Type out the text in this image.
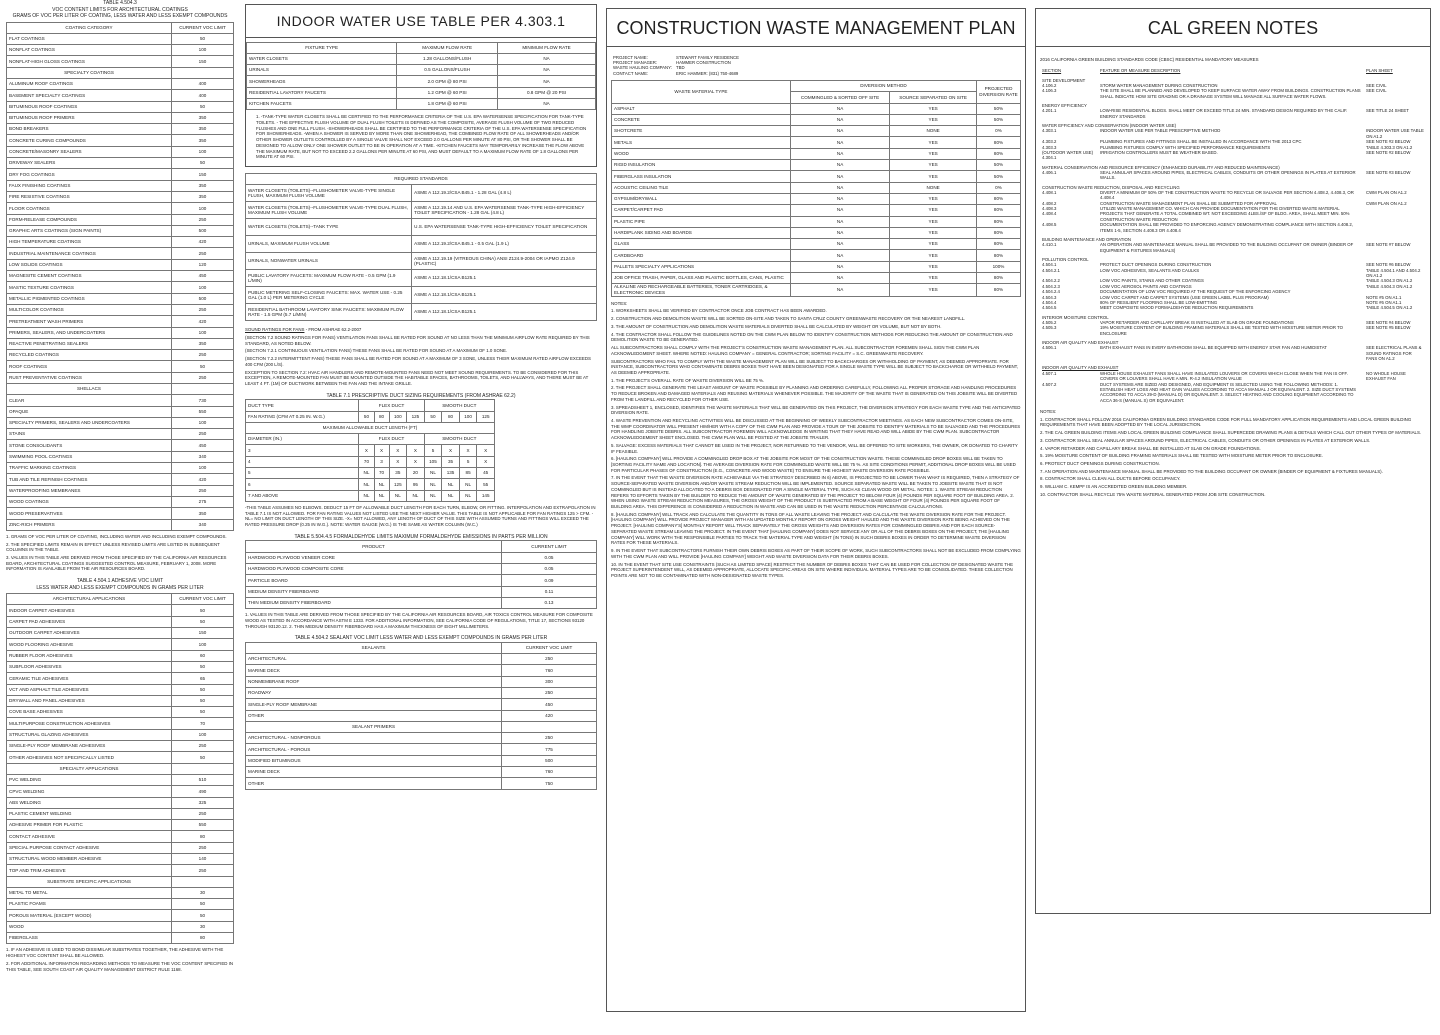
TABLE 4.504.3
VOC CONTENT LIMITS FOR ARCHITECTURAL COATINGS
GRAMS OF VOC PER LITER OF COATING, LESS WATER AND LESS EXEMPT COMPOUNDS
COATING CATEGORY	CURRENT VOC LIMIT
FLAT COATINGS	50
NONFLAT COATINGS	100
NONFLAT-HIGH GLOSS COATINGS	150
SPECIALTY COATINGS	
ALUMINUM ROOF COATINGS	400
BASEMENT SPECIALTY COATINGS	400
BITUMINOUS ROOF COATINGS	50
BITUMINOUS ROOF PRIMERS	350
BOND BREAKERS	350
CONCRETE CURING COMPOUNDS	350
CONCRETE/MASONRY SEALERS	100
DRIVEWAY SEALERS	50
DRY FOG COATINGS	150
FAUX FINISHING COATINGS	350
FIRE RESISTIVE COATINGS	350
FLOOR COATINGS	100
FORM-RELEASE COMPOUNDS	250
GRAPHIC ARTS COATINGS (SIGN PAINTS)	500
HIGH TEMPERATURE COATINGS	420
INDUSTRIAL MAINTENANCE COATINGS	250
LOW SOLIDS COATINGS	120
MAGNESITE CEMENT COATINGS	450
MASTIC TEXTURE COATINGS	100
METALLIC PIGMENTED COATINGS	500
MULTICOLOR COATINGS	250
PRETREATMENT WASH PRIMERS	420
PRIMERS, SEALERS, AND UNDERCOATERS	100
REACTIVE PENETRATING SEALERS	350
RECYCLED COATINGS	250
ROOF COATINGS	50
RUST PREVENTATIVE COATINGS	250
SHELLACS	
CLEAR	730
OPAQUE	550
SPECIALTY PRIMERS, SEALERS AND UNDERCOATERS	100
STAINS	250
STONE CONSOLIDANTS	450
SWIMMING POOL COATINGS	340
TRAFFIC MARKING COATINGS	100
TUB AND TILE REFINISH COATINGS	420
WATERPROOFING MEMBRANES	250
WOOD COATINGS	275
WOOD PRESERVATIVES	350
ZINC-RICH PRIMERS	340
1. GRAMS OF VOC PER LITER OF COATING, INCLUDING WATER AND INCLUDING EXEMPT COMPOUNDS.
2. THE SPECIFIED LIMITS REMAIN IN EFFECT UNLESS REVISED LIMITS ARE LISTED IN SUBSEQUENT COLUMNS IN THE TABLE.
3. VALUES IN THIS TABLE ARE DERIVED FROM THOSE SPECIFIED BY THE CALIFORNIA AIR RESOURCES BOARD, ARCHITECTURAL COATINGS SUGGESTED CONTROL MEASURE, FEBRUARY 1, 2008. MORE INFORMATION IS AVAILABLE FROM THE AIR RESOURCES BOARD.
TABLE 4.504.1 ADHESIVE VOC LIMIT
LESS WATER AND LESS EXEMPT COMPOUNDS IN GRAMS PER LITER
ARCHITECTURAL APPLICATIONS	CURRENT VOC LIMIT
INDOOR CARPET ADHESIVES	50
CARPET PAD ADHESIVES	50
OUTDOOR CARPET ADHESIVES	150
WOOD FLOORING ADHESIVE	100
RUBBER FLOOR ADHESIVES	60
SUBFLOOR ADHESIVES	50
CERAMIC TILE ADHESIVES	65
VCT AND ASPHALT TILE ADHESIVES	50
DRYWALL AND PANEL ADHESIVES	50
COVE BASE ADHESIVES	50
MULTIPURPOSE CONSTRUCTION ADHESIVES	70
STRUCTURAL GLAZING ADHESIVES	100
SINGLE-PLY ROOF MEMBRANE ADHESIVES	250
OTHER ADHESIVES NOT SPECIFICALLY LISTED	50
SPECIALTY APPLICATIONS	
PVC WELDING	510
CPVC WELDING	490
ABS WELDING	325
PLASTIC CEMENT WELDING	250
ADHESIVE PRIMER FOR PLASTIC	550
CONTACT ADHESIVE	80
SPECIAL PURPOSE CONTACT ADHESIVE	250
STRUCTURAL WOOD MEMBER ADHESIVE	140
TOP AND TRIM ADHESIVE	250
SUBSTRATE SPECIFIC APPLICATIONS	
METAL TO METAL	30
PLASTIC FOAMS	50
POROUS MATERIAL (EXCEPT WOOD)	50
WOOD	30
FIBERGLASS	80
1. IF AN ADHESIVE IS USED TO BOND DISSIMILAR SUBSTRATES TOGETHER, THE ADHESIVE WITH THE HIGHEST VOC CONTENT SHALL BE ALLOWED.
2. FOR ADDITIONAL INFORMATION REGARDING METHODS TO MEASURE THE VOC CONTENT SPECIFIED IN THIS TABLE, SEE SOUTH COAST AIR QUALITY MANAGEMENT DISTRICT RULE 1168.
INDOOR WATER USE TABLE PER 4.303.1
FIXTURE TYPE	MAXIMUM FLOW RATE	MINIMUM FLOW RATE
WATER CLOSETS	1.28 GALLONS/FLUSH	NA
URINALS	0.5 GALLONS/FLUSH	NA
SHOWERHEADS	2.0 GPM @ 80 PSI	NA
RESIDENTIAL LAVATORY FAUCETS	1.2 GPM @ 60 PSI	0.8 GPM @ 20 PSI
KITCHEN FAUCETS	1.8 GPM @ 60 PSI	NA
1. -TANK-TYPE WATER CLOSETS SHALL BE CERTIFIED TO THE PERFORMANCE CRITERIA OF THE U.S. EPA WATERSENSE SPECIFICATION FOR TANK-TYPE TOILETS. - THE EFFECTIVE FLUSH VOLUME OF DUAL FLUSH TOILETS IS DEFINED AS THE COMPOSITE, AVERAGE FLUSH VOLUME OF TWO REDUCED FLUSHES AND ONE FULL FLUSH. -SHOWERHEADS SHALL BE CERTIFIED TO THE PERFORMANCE CRITERIA OF THE U.S. EPA WATERSENSE SPECIFICATION FOR SHOWERHEADS. -WHEN A SHOWER IS SERVED BY MORE THAN ONE SHOWERHEAD, THE COMBINED FLOW RATE OF ALL SHOWERHEADS AND/OR OTHER SHOWER OUTLETS CONTROLLED BY A SINGLE VALVE SHALL NOT EXCEED 2.0 GALLONS PER MINUTE AT 80 PSI, OR THE SHOWER SHALL BE DESIGNED TO ALLOW ONLY ONE SHOWER OUTLET TO BE IN OPERATION AT A TIME. -KITCHEN FAUCETS MAY TEMPORARILY INCREASE THE FLOW ABOVE THE MAXIMUM RATE, BUT NOT TO EXCEED 2.2 GALLONS PER MINUTE AT 60 PSI, AND MUST DEFAULT TO A MAXIMUM FLOW RATE OF 1.8 GALLONS PER MINUTE AT 60 PSI.
REQUIRED STANDARDS	
WATER CLOSETS (TOILETS)--FLUSHOMETER VALVE-TYPE SINGLE FLUSH, MAXIMUM FLUSH VOLUME	ASME A 112.19.2/CSA B45.1 - 1.28 GAL (4.8 L)
WATER CLOSETS (TOILETS)--FLUSHOMETER VALVE-TYPE DUAL FLUSH, MAXIMUM FLUSH VOLUME	ASME A 112.19.14 AND U.S. EPA WATERSENSE TANK-TYPE HIGH-EFFICIENCY TOILET SPECIFICATION - 1.28 GAL (4.8 L)
WATER CLOSETS (TOILETS)--TANK TYPE	U.S. EPA WATERSENSE TANK-TYPE HIGH-EFFICIENCY TOILET SPECIFICATION
URINALS, MAXIMUM FLUSH VOLUME	ASME A 112.19.2/CSA B45.1 - 0.5 GAL (1.9 L)
URINALS, NONWATER URINALS	ASME A 112.19.19 (VITREOUS CHINA) ANSI Z124.9-2004 OR IAPMO Z124.9 (PLASTIC)
PUBLIC LAVATORY FAUCETS: MAXIMUM FLOW RATE - 0.5 GPM (1.9 L/MIN)	ASME A 112.18.1/CSA B125.1
PUBLIC METERING SELF-CLOSING FAUCETS: MAX. WATER USE - 0.25 GAL (1.0 L) PER METERING CYCLE	ASME A 112.18.1/CSA B125.1
RESIDENTIAL BATHROOM LAVATORY SINK FAUCETS: MAXIMUM FLOW RATE - 1.5 GPM (5.7 L/MIN)	ASME A 112.18.1/CSA B125.1
SOUND RATINGS FOR FANS - FROM ASHRAE 62.2-2007
(SECTION 7.2 SOUND RATINGS FOR FANS) VENTILATION FANS SHALL BE RATED FOR SOUND AT NO LESS THAN THE MINIMUM AIRFLOW RATE REQUIRED BY THIS STANDARD, AS NOTED BELOW.
(SECTION 7.2.1 CONTINUOUS VENTILATION FANS) THESE FANS SHALL BE RATED FOR SOUND AT A MAXIMUM OF 1.0 SONE.
(SECTION 7.2.2 INTERMITTENT FANS) THESE FANS SHALL BE RATED FOR SOUND AT A MAXIMUM OF 3 SONE, UNLESS THEIR MAXIMUM RATED AIRFLOW EXCEEDS 400 CFM (200 L/S).
EXCEPTION TO SECTION 7.2: HVAC AIR HANDLERS AND REMOTE-MOUNTED FANS NEED NOT MEET SOUND REQUIREMENTS. TO BE CONSIDERED FOR THIS EXCEPTION, A REMOTE-MOUNTED FAN MUST BE MOUNTED OUTSIDE THE HABITABLE SPACES, BATHROOMS, TOILETS, AND HALLWAYS, AND THERE MUST BE AT LEAST 4 FT. (1M) OF DUCTWORK BETWEEN THE FAN AND THE INTAKE GRILLE.
TABLE 7.1 PRESCRIPTIVE DUCT SIZING REQUIREMENTS (FROM ASHRAE 62.2)
DUCT TYPE	FLEX DUCT				SMOOTH DUCT			
FAN RATING (CFM AT 0.25 IN. W.G.)	50	80	100	125	50	80	100	125
MAXIMUM ALLOWABLE DUCT LENGTH (FT)								
DIAMETER (IN.)	FLEX DUCT				SMOOTH DUCT			
3	X	X	X	X	5	X	X	X
4	70	3	X	X	105	35	5	X
5	NL	70	35	20	NL	135	85	45
6	NL	NL	125	95	NL	NL	NL	55
7 AND ABOVE	NL	NL	NL	NL	NL	NL	NL	145
-THIS TABLE ASSUMES NO ELBOWS. DEDUCT 15 FT OF ALLOWABLE DUCT LENGTH FOR EACH TURN, ELBOW, OR FITTING. INTERPOLATION AND EXTRAPOLATION IN TABLE 7.1 IS NOT ALLOWED. FOR FAN RATING VALUES NOT LISTED USE THE NEXT HIGHER VALUE. THIS TABLE IS NOT APPLICABLE FOR FAN RATINGS 125 > CFM. -NL= NO LIMIT ON DUCT LENGTH OF THIS SIZE. -X= NOT ALLOWED, ANY LENGTH OF DUCT OF THIS SIZE WITH ASSUMED TURNS AND FITTINGS WILL EXCEED THE RATED PRESSURE DROP (0.25 IN W.G.). NOTE: WATER GAUGE (W.G.) IS THE SAME AS WATER COLUMN (W.C.)
TABLE 5.504.4.5 FORMALDEHYDE LIMITS MAXIMUM FORMALDEHYDE EMISSIONS IN PARTS PER MILLION
PRODUCT	CURRENT LIMIT
HARDWOOD PLYWOOD VENEER CORE	0.05
HARDWOOD PLYWOOD COMPOSITE CORE	0.05
PARTICLE BOARD	0.09
MEDIUM DENSITY FIBERBOARD	0.11
THIN MEDIUM DENSITY FIBERBOARD	0.13
1. VALUES IN THIS TABLE ARE DERIVED FROM THOSE SPECIFIED BY THE CALIFORNIA AIR RESOURCES BOARD, AIR TOXICS CONTROL MEASURE FOR COMPOSITE WOOD AS TESTED IN ACCORDANCE WITH ASTM E 1333. FOR ADDITIONAL INFORMATION, SEE CALIFORNIA CODE OF REGULATIONS, TITLE 17, SECTIONS 93120 THROUGH 93120.12. 2. THIN MEDIUM DENSITY FIBERBOARD HAS A MAXIMUM THICKNESS OF EIGHT MILLIMETERS.
TABLE 4.504.2 SEALANT VOC LIMIT LESS WATER AND LESS EXEMPT COMPOUNDS IN GRAMS PER LITER
SEALANTS	CURRENT VOC LIMIT
ARCHITECTURAL	250
MARINE DECK	760
NONMEMBRANE ROOF	300
ROADWAY	250
SINGLE-PLY ROOF MEMBRANE	450
OTHER	420
SEALANT PRIMERS	
ARCHITECTURAL - NONPOROUS	250
ARCHITECTURAL - POROUS	775
MODIFIED BITUMINOUS	500
MARINE DECK	760
OTHER	750
CONSTRUCTION WASTE MANAGEMENT PLAN
PROJECT NAME:	STEWART FAMILY RESIDENCE
PROJECT MANAGER:	HAMMER CONSTRUCTION
WASTE HAULING COMPANY:	TBD
CONTACT NAME:	ERIC HAMMER: (831) 750-4689
WASTE MATERIAL TYPE	DIVERSION METHOD		PROJECTED DIVERSION RATE
	COMMINGLED & SORTED OFF SITE	SOURCE SEPARATED ON SITE	
ASPHALT	NA	YES	50%
CONCRETE	NA	YES	50%
SHOTCRETE	NA	NONE	0%
METALS	NA	YES	80%
WOOD	NA	YES	80%
RIGID INSULATION	NA	YES	50%
FIBERGLASS INSULATION	NA	YES	50%
ACOUSTIC CEILING TILE	NA	NONE	0%
GYPSUM/DRYWALL	NA	YES	80%
CARPET/CARPET PAD	NA	YES	80%
PLASTIC PIPE	NA	YES	80%
HARDIPLANK SIDING AND BOARDS	NA	YES	80%
GLASS	NA	YES	80%
CARDBOARD	NA	YES	80%
PALLETS SPECIALTY APPLICATIONS	NA	YES	100%
JOB OFFICE TRASH, PAPER, GLASS AND PLASTIC BOTTLES, CANS, PLASTIC	NA	YES	80%
ALKALINE AND RECHARGEABLE BATTERIES, TONER CARTRIDGES, & ELECTRONIC DEVICES	NA	YES	80%
NOTES:
1. WORKSHEETS SHALL BE VERIFIED BY CONTRACTOR ONCE JOB CONTRACT HAS BEEN AWARDED.
2. CONSTRUCTION AND DEMOLITION WASTE WILL BE SORTED ON-SITE AND TAKEN TO SANTA CRUZ COUNTY GREENWASTE RECOVERY OR THE NEAREST LANDFILL.
3. THE AMOUNT OF CONSTRUCTION AND DEMOLITION WASTE MATERIALS DIVERTED SHALL BE CALCULATED BY WEIGHT OR VOLUME, BUT NOT BY BOTH.
4. THE CONTRACTOR SHALL FOLLOW THE GUIDELINES NOTED ON THE CWM PLAN BELOW TO IDENTIFY CONSTRUCTION METHODS FOR REDUCING THE AMOUNT OF CONSTRUCTION AND DEMOLITION WASTE TO BE GENERATED.
ALL SUBCONTRACTORS SHALL COMPLY WITH THE PROJECT'S CONSTRUCTION WASTE MANAGEMENT PLAN. ALL SUBCONTRACTOR FOREMEN SHALL SIGN THE CWM PLAN ACKNOWLEDGMENT SHEET. WHERE NOTED: HAULING COMPANY = GENERAL CONTRACTOR; SORTING FACILITY = S.C. GREENWASTE RECOVERY.
SUBCONTRACTORS WHO FAIL TO COMPLY WITH THE WASTE MANAGEMENT PLAN WILL BE SUBJECT TO BACKCHARGES OR WITHHOLDING OF PAYMENT, AS DEEMED APPROPRIATE. FOR INSTANCE, SUBCONTRACTORS WHO CONTAMINATE DEBRIS BOXES THAT HAVE BEEN DESIGNATED FOR A SINGLE WASTE TYPE WILL BE SUBJECT TO BACKCHARGE OR WITHHELD PAYMENT, AS DEEMED APPROPRIATE.
1. THE PROJECT'S OVERALL RATE OF WASTE DIVERSION WILL BE 75 %.
2. THE PROJECT SHALL GENERATE THE LEAST AMOUNT OF WASTE POSSIBLE BY PLANNING AND ORDERING CAREFULLY, FOLLOWING ALL PROPER STORAGE AND HANDLING PROCEDURES TO REDUCE BROKEN AND DAMAGED MATERIALS AND REUSING MATERIALS WHENEVER POSSIBLE. THE MAJORITY OF THE WASTE THAT IS GENERATED ON THIS JOBSITE WILL BE DIVERTED FROM THE LANDFILL AND RECYCLED FOR OTHER USE.
3. SPREADSHEET 1, ENCLOSED, IDENTIFIES THE WASTE MATERIALS THAT WILL BE GENERATED ON THIS PROJECT, THE DIVERSION STRATEGY FOR EACH WASTE TYPE AND THE ANTICIPATED DIVERSION RATE.
4. WASTE PREVENTION AND RECYCLING ACTIVITIES WILL BE DISCUSSED AT THE BEGINNING OF WEEKLY SUBCONTRACTOR MEETINGS. AS EACH NEW SUBCONTRACTOR COMES ON-SITE, THE WMP COORDINATOR WILL PRESENT HIM/HER WITH A COPY OF THE CWM PLAN AND PROVIDE A TOUR OF THE JOBSITE TO IDENTIFY MATERIALS TO BE SALVAGED AND THE PROCEDURES FOR HANDLING JOBSITE DEBRIS. ALL SUBCONTRACTOR FOREMEN WILL ACKNOWLEDGE IN WRITING THAT THEY HAVE READ AND WILL ABIDE BY THE CWM PLAN. SUBCONTRACTOR ACKNOWLEDGEMENT SHEET ENCLOSED. THE CWM PLAN WILL BE POSTED AT THE JOBSITE TRAILER.
5. SALVAGE: EXCESS MATERIALS THAT CANNOT BE USED IN THE PROJECT, NOR RETURNED TO THE VENDOR, WILL BE OFFERED TO SITE WORKERS, THE OWNER, OR DONATED TO CHARITY IF FEASIBLE.
6. [HAULING COMPANY] WILL PROVIDE A COMMINGLED DROP BOX AT THE JOBSITE FOR MOST OF THE CONSTRUCTION WASTE. THESE COMMINGLED DROP BOXES WILL BE TAKEN TO [SORTING FACILITY NAME AND LOCATION]. THE AVERAGE DIVERSION RATE FOR COMMINGLED WASTE WILL BE 75 %. AS SITE CONDITIONS PERMIT, ADDITIONAL DROP BOXES WILL BE USED FOR PARTICULAR PHASES OF CONSTRUCTION (E.G., CONCRETE AND WOOD WASTE) TO ENSURE THE HIGHEST WASTE DIVERSION RATE POSSIBLE.
7. IN THE EVENT THAT THE WASTE DIVERSION RATE ACHIEVABLE VIA THE STRATEGY DESCRIBED IN 6) ABOVE, IS PROJECTED TO BE LOWER THAN WHAT IS REQUIRED, THEN A STRATEGY OF SOURCE-SEPARATED WASTE DIVERSION AND/OR WASTE STREAM REDUCTION WILL BE IMPLEMENTED. SOURCE SEPARATED WASTE WILL BE TAKEN TO JOBSITE WASTE THAT IS NOT COMMINGLED BUT IS INSTEAD ALLOCATED TO A DEBRIS BOX DESIGNATED FOR A SINGLE MATERIAL TYPE, SUCH AS CLEAN WOOD OR METAL. NOTES: 1. WASTE STREAM REDUCTION REFERS TO EFFORTS TAKEN BY THE BUILDER TO REDUCE THE AMOUNT OF WASTE GENERATED BY THE PROJECT TO BELOW FOUR (4) POUNDS PER SQUARE FOOT OF BUILDING AREA. 2. WHEN USING WASTE STREAM REDUCTION MEASURES, THE GROSS WEIGHT OF THE PRODUCT IS SUBTRACTED FROM A BASE WEIGHT OF FOUR (4) POUNDS PER SQUARE FOOT OF BUILDING AREA. THIS DIFFERENCE IS CONSIDERED A REDUCTION IN WASTE AND CAN BE USED IN THE WASTE REDUCTION PERCENTAGE CALCULATIONS.
8. [HAULING COMPANY] WILL TRACK AND CALCULATE THE QUANTITY IN TONS OF ALL WASTE LEAVING THE PROJECT AND CALCULATE THE WASTE DIVERSION RATE FOR THE PROJECT. [HAULING COMPANY] WILL PROVIDE PROJECT MANAGER WITH AN UPDATED MONTHLY REPORT ON GROSS WEIGHT HAULED AND THE WASTE DIVERSION RATE BEING ACHIEVED ON THE PROJECT. [HAULING COMPANY'S] MONTHLY REPORT WILL TRACK SEPARATELY THE GROSS WEIGHTS AND DIVERSION RATES FOR COMMINGLED DEBRIS AND FOR EACH SOURCE-SEPARATED WASTE STREAM LEAVING THE PROJECT. IN THE EVENT THAT [HAULING COMPANY] DOES NOT SERVICE ANY OR ALL OF THE DEBRIS BOXES ON THE PROJECT, THE [HAULING COMPANY] WILL WORK WITH THE RESPONSIBLE PARTIES TO TRACK THE MATERIAL TYPE AND WEIGHT (IN TONS) IN SUCH DEBRIS BOXES IN ORDER TO DETERMINE WASTE DIVERSION RATES FOR THESE MATERIALS.
9. IN THE EVENT THAT SUBCONTRACTORS FURNISH THEIR OWN DEBRIS BOXES AS PART OF THEIR SCOPE OF WORK, SUCH SUBCONTRACTORS SHALL NOT BE EXCLUDED FROM COMPLYING WITH THE CWM PLAN AND WILL PROVIDE [HAULING COMPANY] WEIGHT AND WASTE DIVERSION DATA FOR THEIR DEBRIS BOXES.
10. IN THE EVENT THAT SITE USE CONSTRAINTS (SUCH AS LIMITED SPACE) RESTRICT THE NUMBER OF DEBRIS BOXES THAT CAN BE USED FOR COLLECTION OF DESIGNATED WASTE THE PROJECT SUPERINTENDENT WILL, AS DEEMED APPROPRIATE, ALLOCATE SPECIFIC AREAS ON SITE WHERE INDIVIDUAL MATERIAL TYPES ARE TO BE CONSOLIDATED. THESE COLLECTION POINTS ARE NOT TO BE CONTAMINATED WITH NON-DESIGNATED WASTE TYPES.
CAL GREEN NOTES
2016 CALIFORNIA GREEN BUILDING STANDARDS CODE (CBSC) RESIDENTIAL MANDATORY MEASURES
SECTION	FEATURE OR MEASURE DESCRIPTION	PLAN SHEET
SITE DEVELOPMENT		
4.106.2	STORM WATER MANAGEMENT DURING CONSTRUCTION	SEE CIVIL
4.106.3	THE SITE SHALL BE PLANNED AND DEVELOPED TO KEEP SURFACE WATER AWAY FROM BUILDINGS. CONSTRUCTION PLANS SHALL INDICATE HOW SITE GRADING OR A DRAINAGE SYSTEM WILL MANAGE ALL SURFACE WATER FLOWS.	SEE CIVIL
ENERGY EFFICIENCY		
4.201.1	LOW-RISE RESIDENTIAL BLDGS. SHALL MEET OR EXCEED TITLE 24 MIN. STANDARD DESIGN REQUIRED BY THE CALIF. ENERGY STANDARDS	SEE TITLE 24 SHEET
WATER EFFICIENCY AND CONSERVATION (INDOOR WATER USE)		
4.303.1	INDOOR WATER USE PER TABLE PRESCRIPTIVE METHOD	INDOOR WATER USE TABLE ON A1.2
4.303.2	PLUMBING FIXTURES AND FITTINGS SHALL BE INSTALLED IN ACCORDANCE WITH THE 2013 CPC	SEE NOTE #2 BELOW
4.303.3	PLUMBING FIXTURES COMPLY WITH SPECIFIED PERFORMANCE REQUIREMENTS	TABLE 4.303.3 ON A1.2
(OUTDOOR WATER USE) 4.304.1	IRRIGATION CONTROLLERS MUST BE WEATHER BASED.	SEE NOTE #2 BELOW
MATERIAL CONSERVATION AND RESOURCE EFFICIENCY (ENHANCED DURABILITY AND REDUCED MAINTENANCE)		
4.406.1	SEAL ANNULAR SPACES AROUND PIPES, ELECTRICAL CABLES, CONDUITS OR OTHER OPENINGS IN PLATES AT EXTERIOR WALLS.	SEE NOTE #3 BELOW
CONSTRUCTION WASTE REDUCTION, DISPOSAL AND RECYCLING		
4.408.1	DIVERT A MINIMUM OF 50% OF THE CONSTRUCTION WASTE TO RECYCLE OR SALVAGE PER SECTION 4.408.2, 4.408.3, OR 4.408.4	CWM PLAN ON A1.2
4.408.2	CONSTRUCTION WASTE MANAGEMENT PLAN SHALL BE SUBMITTED FOR APPROVAL	CWM PLAN ON A1.2
4.408.3	UTILIZE WASTE MANAGEMENT CO. WHICH CAN PROVIDE DOCUMENTATION FOR THE DIVERTED WASTE MATERIAL	
4.408.4	PROJECTS THAT GENERATE A TOTAL COMBINED WT. NOT EXCEEDING 4LBS./SF OF BLDG. AREA, SHALL MEET MIN. 50% CONSTRUCTION WASTE REDUCTION	
4.408.5	DOCUMENTATION SHALL BE PROVIDED TO ENFORCING AGENCY DEMONSTRATING COMPLIANCE WITH SECTION 4.408.2, ITEMS 1-5, SECTION 4.408.3 OR 4.408.4	
BUILDING MAINTENANCE AND OPERATION		
4.410.1	AN OPERATION AND MAINTENANCE MANUAL SHALL BE PROVIDED TO THE BUILDING OCCUPANT OR OWNER (BINDER OF EQUIPMENT & FIXTURES MANUALS)	SEE NOTE #7 BELOW
POLLUTION CONTROL		
4.504.1	PROTECT DUCT OPENINGS DURING CONSTRUCTION	SEE NOTE #6 BELOW
4.504.2.1	LOW VOC ADHESIVES, SEALANTS AND CAULKS	TABLE 4.504.1 AND 4.504.2 ON A1.2
4.504.2.2	LOW VOC PAINTS, STAINS AND OTHER COATINGS	TABLE 4.504.3 ON A1.2
4.504.2.3	LOW VOC AEROSOL PAINTS AND COATINGS	TABLE 4.504.3 ON A1.2
4.504.2.4	DOCUMENTATION OF LOW VOC REQUIRED AT THE REQUEST OF THE ENFORCING AGENCY	
4.504.3	LOW VOC CARPET AND CARPET SYSTEMS (USE GREEN LABEL PLUS PROGRAM)	NOTE #5 ON A1.1
4.504.4	80% OF RESILIENT FLOORING SHALL BE LOW-EMITTING	NOTE #6 ON A1.1
4.504.5	MEET COMPOSITE WOOD FORMALDEHYDE REDUCTION REQUIREMENTS	TABLE 4.504.5 ON A1.2
INTERIOR MOISTURE CONTROL		
4.505.2	VAPOR RETARDER AND CAPILLARY BREAK IS INSTALLED AT SLAB ON GRADE FOUNDATIONS	SEE NOTE #4 BELOW
4.505.3	19% MOISTURE CONTENT OF BUILDING FRAMING MATERIALS SHALL BE TESTED WITH MOISTURE METER PRIOR TO ENCLOSURE	SEE NOTE #5 BELOW
INDOOR AIR QUALITY AND EXHAUST		
4.506.1	BATH EXHAUST FANS IN EVERY BATHROOM SHALL BE EQUIPPED WITH ENERGY STAR FAN AND HUMIDISTAT	SEE ELECTRICAL PLANS & SOUND RATINGS FOR FANS ON A1.2
INDOOR AIR QUALITY AND EXHAUST		
4.507.1	WHOLE HOUSE EXHAUST FANS SHALL HAVE INSULATED LOUVERS OR COVERS WHICH CLOSE WHEN THE FAN IS OFF. COVERS OR LOUVERS SHALL HAVE A MIN. R-4.2 INSULATION VALUE	NO WHOLE HOUSE EXHAUST FAN
4.507.2	DUCT SYSTEMS ARE SIZED AND DESIGNED, AND EQUIPMENT IS SELECTED USING THE FOLLOWING METHODS: 1. ESTABLISH HEAT LOSS AND HEAT GAIN VALUES ACCORDING TO ACCA MANUAL J OR EQUIVALENT. 2. SIZE DUCT SYSTEMS ACCORDING TO ACCA 29-D (MANUAL D) OR EQUIVALENT. 3. SELECT HEATING AND COOLING EQUIPMENT ACCORDING TO ACCA 36-S (MANUAL S) OR EQUIVALENT.	
NOTES:
1. CONTRACTOR SHALL FOLLOW 2016 CALIFORNIA GREEN BUILDING STANDARDS CODE FOR FULL MANDATORY APPLICATION REQUIREMENTS AND LOCAL GREEN BUILDING REQUIREMENTS THAT HAVE BEEN ADOPTED BY THE LOCAL JURISDICTION.
2. THE CAL GREEN BUILDING ITEMS AND LOCAL GREEN BUILDING COMPLIANCE SHALL SUPERCEDE DRAWING PLANS & DETAILS WHICH CALL OUT OTHER TYPES OF MATERIALS.
3. CONTRACTOR SHALL SEAL ANNULAR SPACES AROUND PIPES, ELECTRICAL CABLES, CONDUITS OR OTHER OPENINGS IN PLATES AT EXTERIOR WALLS.
4. VAPOR RETARDER AND CAPILLARY BREAK SHALL BE INSTALLED AT SLAB ON GRADE FOUNDATIONS.
5. 19% MOISTURE CONTENT OF BUILDING FRAMING MATERIALS SHALL BE TESTED WITH MOISTURE METER PRIOR TO ENCLOSURE.
6. PROTECT DUCT OPENINGS DURING CONSTRUCTION.
7. AN OPERATION AND MAINTENANCE MANUAL SHALL BE PROVIDED TO THE BUILDING OCCUPANT OR OWNER (BINDER OF EQUIPMENT & FIXTURES MANUALS).
8. CONTRACTOR SHALL CLEAN ALL DUCTS BEFORE OCCUPANCY.
9. WILLIAM C. KEMPF IS AN ACCREDITED GREEN BUILDING MEMBER.
10. CONTRACTOR SHALL RECYCLE 75% WASTE MATERIAL GENERATED FROM JOB SITE CONSTRUCTION.
